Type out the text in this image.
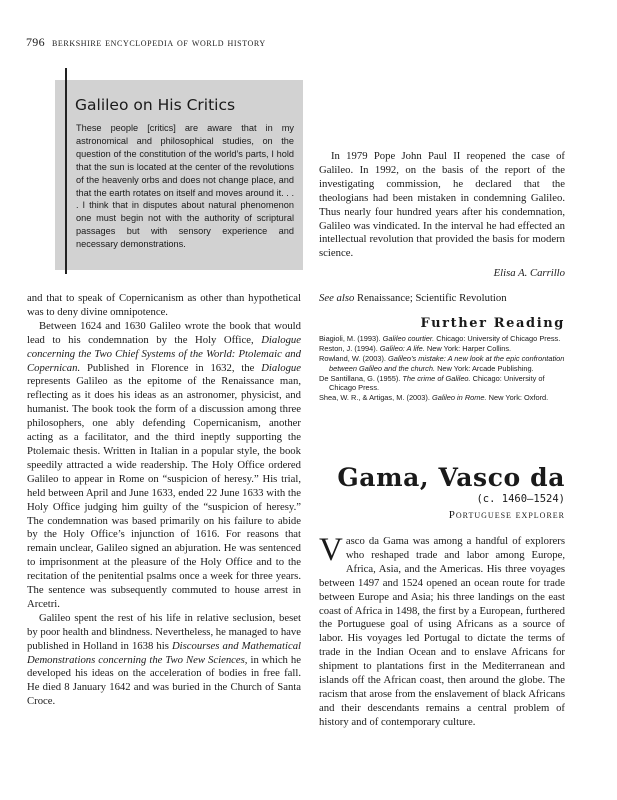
796 berkshire encyclopedia of world history
Galileo on His Critics
These people [critics] are aware that in my astronomical and philosophical studies, on the question of the constitution of the world’s parts, I hold that the sun is located at the center of the revolutions of the heavenly orbs and does not change place, and that the earth rotates on itself and moves around it. . . . I think that in disputes about natural phenomenon one must begin not with the authority of scriptural passages but with sensory experience and necessary demonstrations.

and that to speak of Copernicanism as other than hypothetical was to deny divine omnipotence.

Between 1624 and 1630 Galileo wrote the book that would lead to his condemnation by the Holy Office, Dialogue concerning the Two Chief Systems of the World: Ptolemaic and Copernican. Published in Florence in 1632, the Dialogue represents Galileo as the epitome of the Renaissance man, reflecting as it does his ideas as an astronomer, physicist, and humanist. The book took the form of a discussion among three philosophers, one ably defending Copernicanism, another acting as a facilitator, and the third ineptly supporting the Ptolemaic thesis. Written in Italian in a popular style, the book speedily attracted a wide readership. The Holy Office ordered Galileo to appear in Rome on “suspicion of heresy.” His trial, held between April and June 1633, ended 22 June 1633 with the Holy Office judging him guilty of the “suspicion of heresy.” The condemnation was based primarily on his failure to abide by the Holy Office’s injunction of 1616. For reasons that remain unclear, Galileo signed an abjuration. He was sentenced to imprisonment at the pleasure of the Holy Office and to the recitation of the penitential psalms once a week for three years. The sentence was subsequently commuted to house arrest in Arcetri.

Galileo spent the rest of his life in relative seclusion, beset by poor health and blindness. Nevertheless, he managed to have published in Holland in 1638 his Discourses and Mathematical Demonstrations concerning the Two New Sciences, in which he developed his ideas on the acceleration of bodies in free fall. He died 8 January 1642 and was buried in the Church of Santa Croce.

In 1979 Pope John Paul II reopened the case of Galileo. In 1992, on the basis of the report of the investigating commission, he declared that the theologians had been mistaken in condemning Galileo. Thus nearly four hundred years after his condemnation, Galileo was vindicated. In the interval he had effected an intellectual revolution that provided the basis for modern science.

Elisa A. Carrillo

See also Renaissance; Scientific Revolution

Further Reading

Biagioli, M. (1993). Galileo courtier. Chicago: University of Chicago Press.

Reston, J. (1994). Galileo: A life. New York: Harper Collins.

Rowland, W. (2003). Galileo’s mistake: A new look at the epic confrontation between Galileo and the church. New York: Arcade Publishing.

De Santillana, G. (1955). The crime of Galileo. Chicago: University of Chicago Press.

Shea, W. R., & Artigas, M. (2003). Galileo in Rome. New York: Oxford.

Gama, Vasco da
(c. 1460–1524)
Portuguese explorer

Vasco da Gama was among a handful of explorers who reshaped trade and labor among Europe, Africa, Asia, and the Americas. His three voyages between 1497 and 1524 opened an ocean route for trade between Europe and Asia; his three landings on the east coast of Africa in 1498, the first by a European, furthered the Portuguese goal of using Africans as a source of labor. His voyages led Portugal to dictate the terms of trade in the Indian Ocean and to enslave Africans for shipment to plantations first in the Mediterranean and islands off the African coast, then around the globe. The racism that arose from the enslavement of black Africans and their descendants remains a central problem of history and of contemporary culture.
